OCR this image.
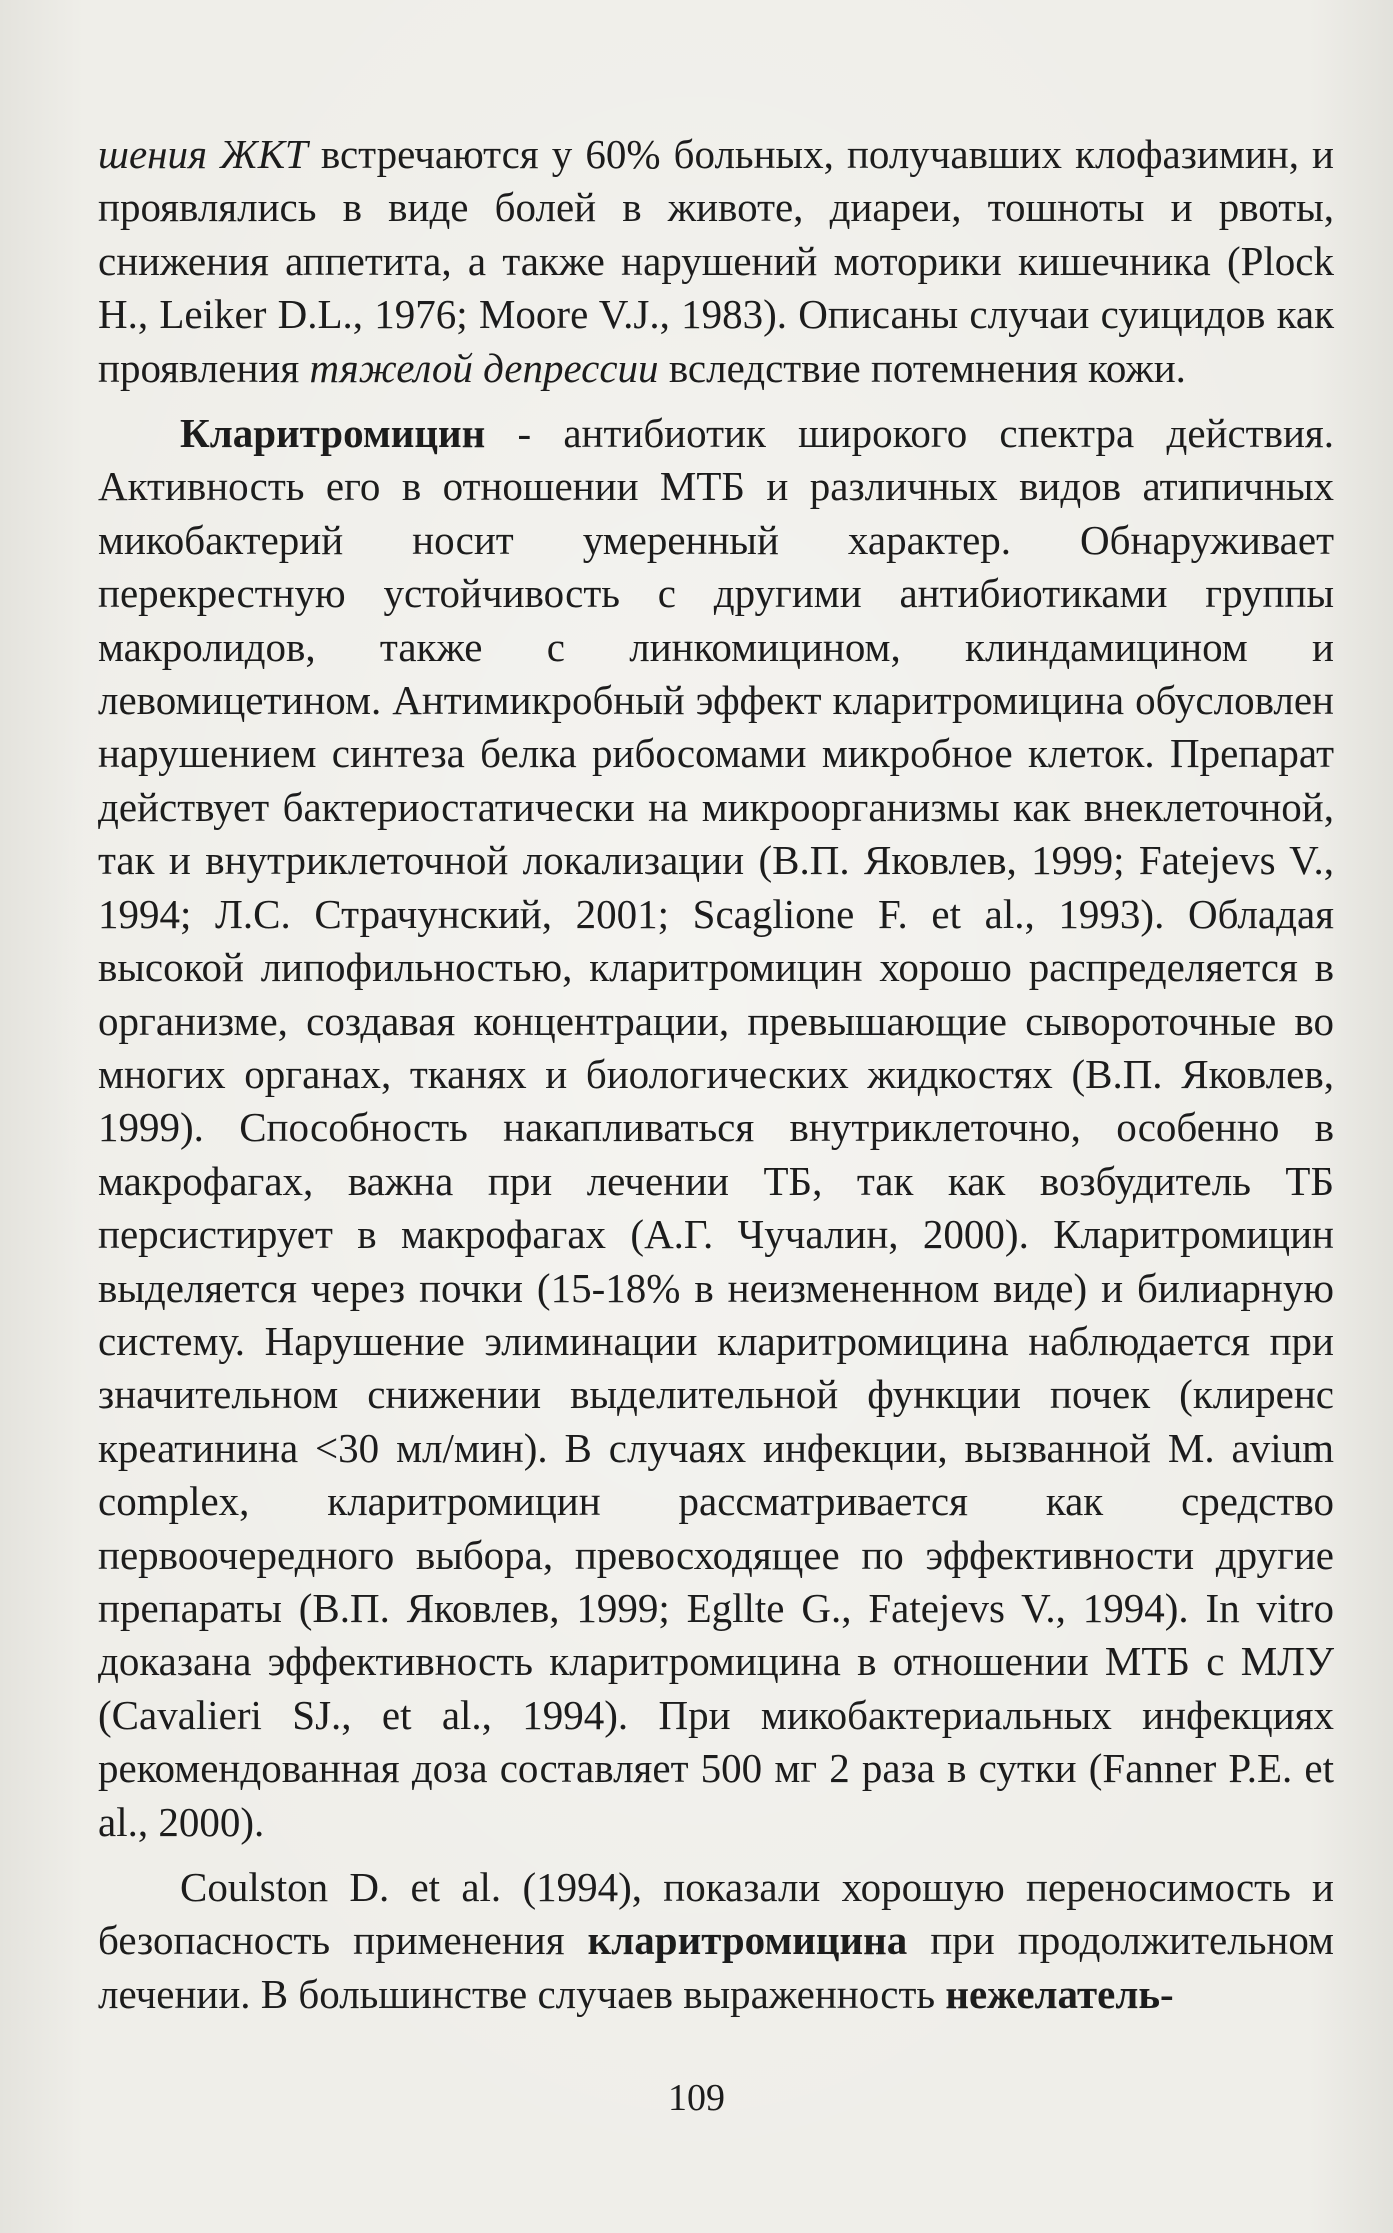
шения ЖКТ встречаются у 60% больных, получавших клофазимин, и проявлялись в виде болей в животе, диареи, тошноты и рвоты, снижения аппетита, а также нарушений моторики кишечника (Plock H., Leiker D.L., 1976; Moore V.J., 1983). Описаны случаи суицидов как проявления тяжелой депрессии вследствие потемнения кожи.

Кларитромицин - антибиотик широкого спектра действия. Активность его в отношении МТБ и различных видов атипичных микобактерий носит умеренный характер. Обнаруживает перекрестную устойчивость с другими антибиотиками группы макролидов, также с линкомицином, клиндамицином и левомицетином. Антимикробный эффект кларитромицина обусловлен нарушением синтеза белка рибосомами микробное клеток. Препарат действует бактериостатически на микроорганизмы как внеклеточной, так и внутриклеточной локализации (В.П. Яковлев, 1999; Fatejevs V., 1994; Л.С. Страчунский, 2001; Scaglione F. et al., 1993). Обладая высокой липофильностью, кларитромицин хорошо распределяется в организме, создавая концентрации, превышающие сывороточные во многих органах, тканях и биологических жидкостях (В.П. Яковлев, 1999). Способность накапливаться внутриклеточно, особенно в макрофагах, важна при лечении ТБ, так как возбудитель ТБ персистирует в макрофагах (А.Г. Чучалин, 2000). Кларитромицин выделяется через почки (15-18% в неизмененном виде) и билиарную систему. Нарушение элиминации кларитромицина наблюдается при значительном снижении выделительной функции почек (клиренс креатинина <30 мл/мин). В случаях инфекции, вызванной M. avium complex, кларитромицин рассматривается как средство первоочередного выбора, превосходящее по эффективности другие препараты (В.П. Яковлев, 1999; Egllte G., Fatejevs V., 1994). In vitro доказана эффективность кларитромицина в отношении МТБ с МЛУ (Cavalieri SJ., et al., 1994). При микобактериальных инфекциях рекомендованная доза составляет 500 мг 2 раза в сутки (Fanner P.E. et al., 2000).

Coulston D. et al. (1994), показали хорошую переносимость и безопасность применения кларитромицина при продолжительном лечении. В большинстве случаев выраженность нежелатель-

109
